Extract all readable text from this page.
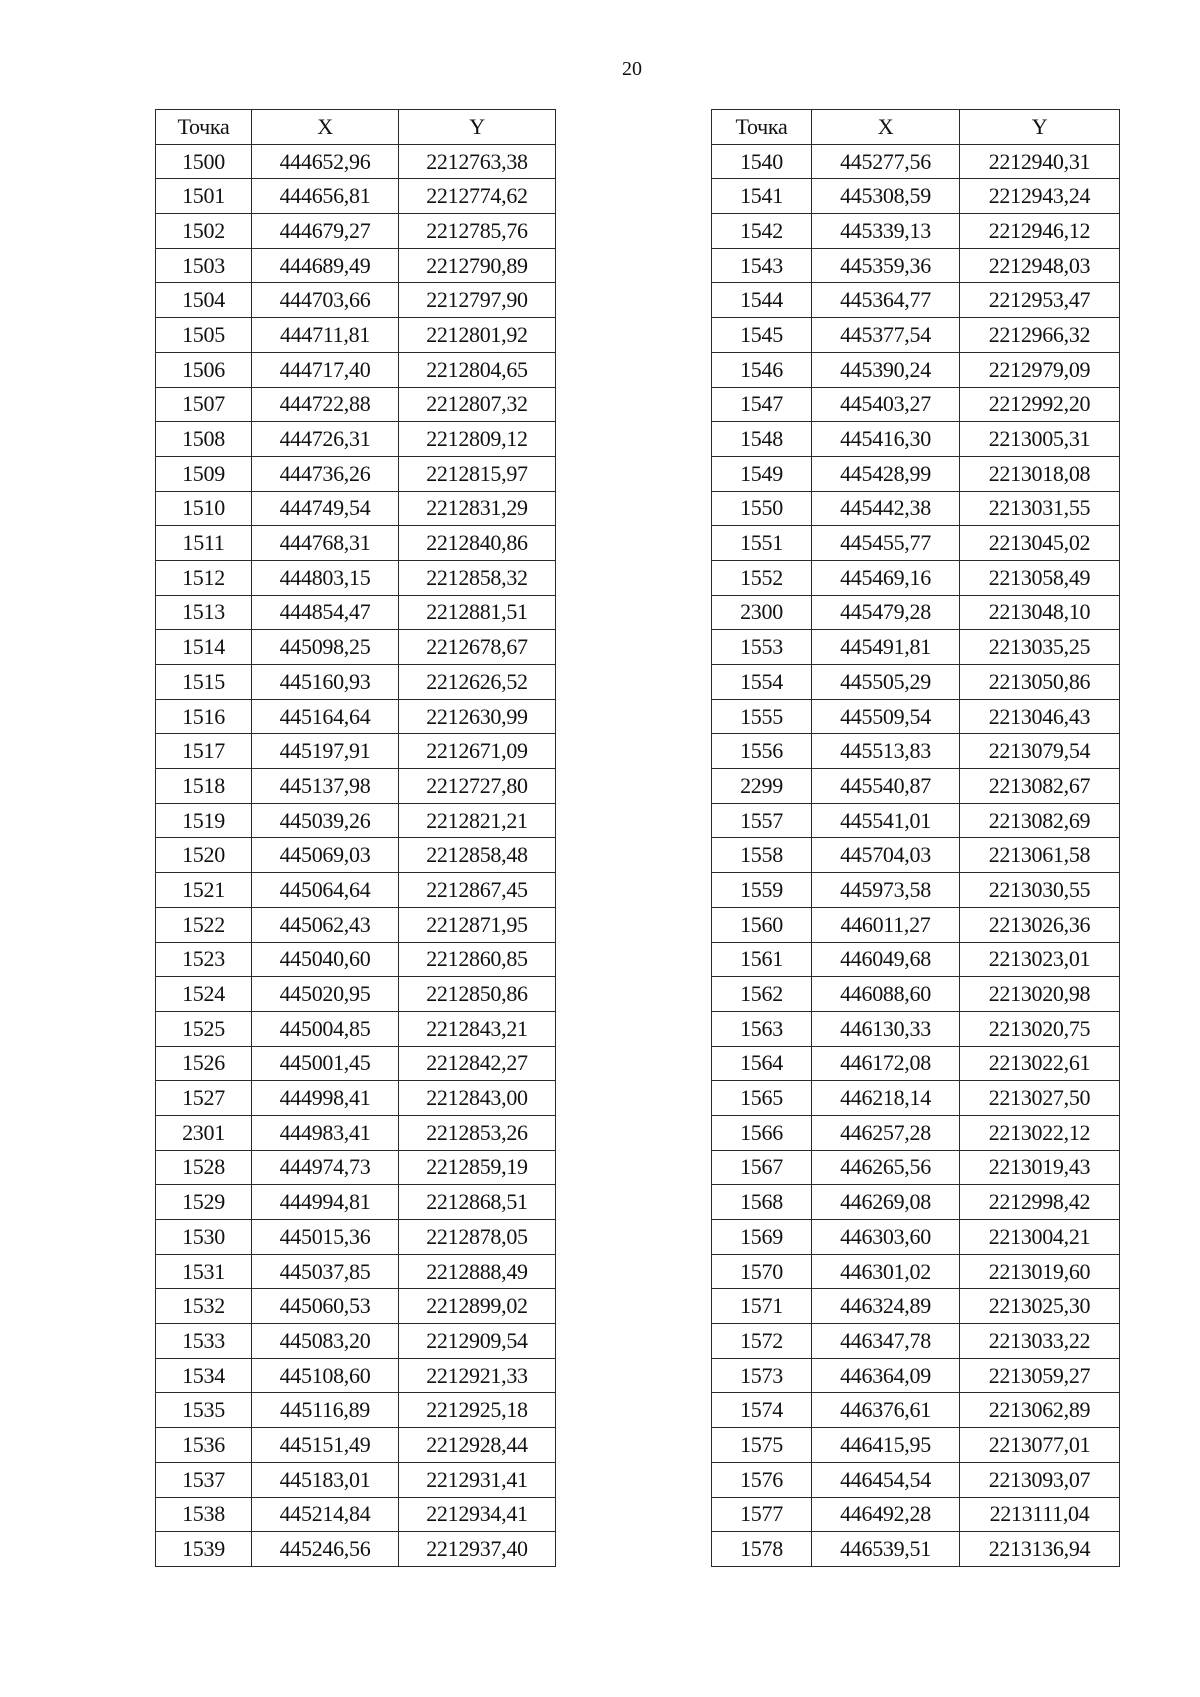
20
Точка	X	Y
1500	444652,96	2212763,38
1501	444656,81	2212774,62
1502	444679,27	2212785,76
1503	444689,49	2212790,89
1504	444703,66	2212797,90
1505	444711,81	2212801,92
1506	444717,40	2212804,65
1507	444722,88	2212807,32
1508	444726,31	2212809,12
1509	444736,26	2212815,97
1510	444749,54	2212831,29
1511	444768,31	2212840,86
1512	444803,15	2212858,32
1513	444854,47	2212881,51
1514	445098,25	2212678,67
1515	445160,93	2212626,52
1516	445164,64	2212630,99
1517	445197,91	2212671,09
1518	445137,98	2212727,80
1519	445039,26	2212821,21
1520	445069,03	2212858,48
1521	445064,64	2212867,45
1522	445062,43	2212871,95
1523	445040,60	2212860,85
1524	445020,95	2212850,86
1525	445004,85	2212843,21
1526	445001,45	2212842,27
1527	444998,41	2212843,00
2301	444983,41	2212853,26
1528	444974,73	2212859,19
1529	444994,81	2212868,51
1530	445015,36	2212878,05
1531	445037,85	2212888,49
1532	445060,53	2212899,02
1533	445083,20	2212909,54
1534	445108,60	2212921,33
1535	445116,89	2212925,18
1536	445151,49	2212928,44
1537	445183,01	2212931,41
1538	445214,84	2212934,41
1539	445246,56	2212937,40
Точка	X	Y
1540	445277,56	2212940,31
1541	445308,59	2212943,24
1542	445339,13	2212946,12
1543	445359,36	2212948,03
1544	445364,77	2212953,47
1545	445377,54	2212966,32
1546	445390,24	2212979,09
1547	445403,27	2212992,20
1548	445416,30	2213005,31
1549	445428,99	2213018,08
1550	445442,38	2213031,55
1551	445455,77	2213045,02
1552	445469,16	2213058,49
2300	445479,28	2213048,10
1553	445491,81	2213035,25
1554	445505,29	2213050,86
1555	445509,54	2213046,43
1556	445513,83	2213079,54
2299	445540,87	2213082,67
1557	445541,01	2213082,69
1558	445704,03	2213061,58
1559	445973,58	2213030,55
1560	446011,27	2213026,36
1561	446049,68	2213023,01
1562	446088,60	2213020,98
1563	446130,33	2213020,75
1564	446172,08	2213022,61
1565	446218,14	2213027,50
1566	446257,28	2213022,12
1567	446265,56	2213019,43
1568	446269,08	2212998,42
1569	446303,60	2213004,21
1570	446301,02	2213019,60
1571	446324,89	2213025,30
1572	446347,78	2213033,22
1573	446364,09	2213059,27
1574	446376,61	2213062,89
1575	446415,95	2213077,01
1576	446454,54	2213093,07
1577	446492,28	2213111,04
1578	446539,51	2213136,94
